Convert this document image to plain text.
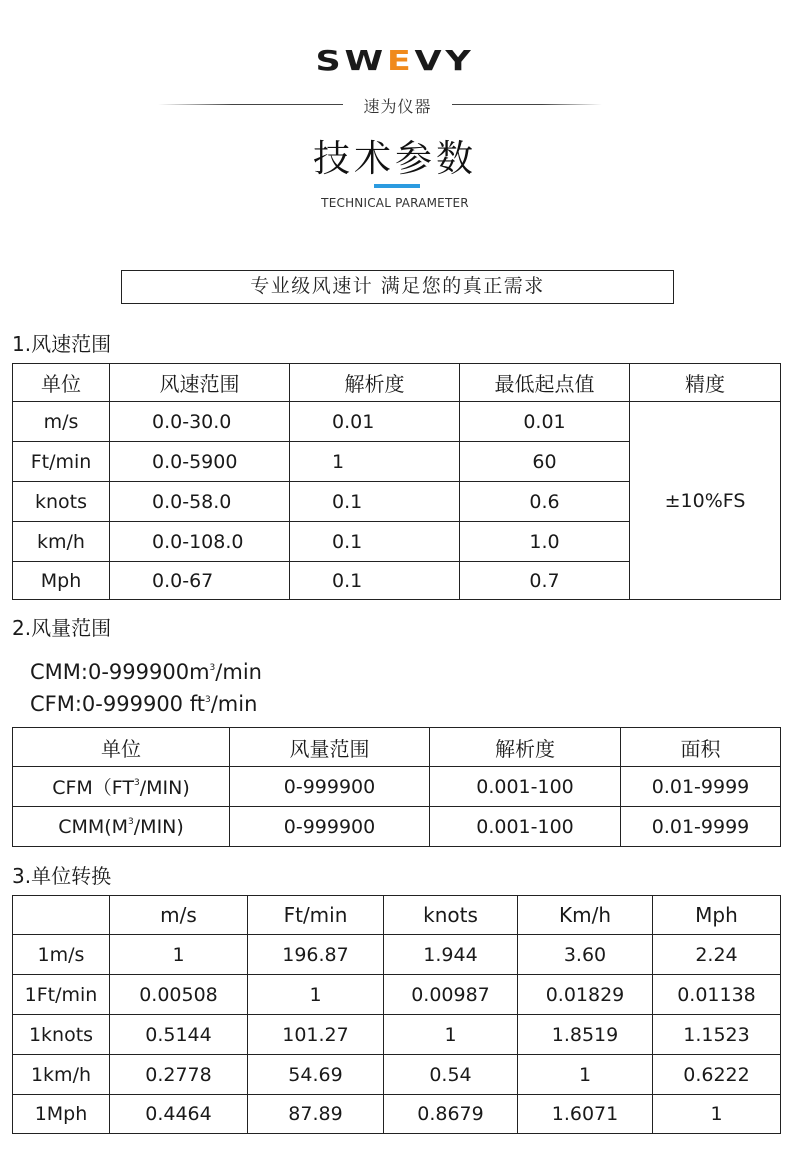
SWEVY
速为仪器
技术参数
TECHNICAL PARAMETER
专业级风速计 满足您的真正需求
1.风速范围
单位	风速范围	解析度	最低起点值	精度
m/s	0.0-30.0	0.01	0.01	±10%FS
Ft/min	0.0-5900	1	60	
knots	0.0-58.0	0.1	0.6	
km/h	0.0-108.0	0.1	1.0	
Mph	0.0-67	0.1	0.7	
2.风量范围
$CMM:0-999900m^3/\min$
CFM:0-999900 $ft^3/\min$
单位	风量范围	解析度	面积
$CFM(FT^3/MIN)$	0-999900	0.001-100	0.01-9999
$CMM(M^3/MIN)$	0-999900	0.001-100	0.01-9999
3.单位转换
	m/s	Ft/min	knots	Km/h	Mph
1m/s	1	196.87	1.944	3.60	2.24
1Ft/min	0.00508	1	0.00987	0.01829	0.01138
1knots	0.5144	101.27	1	1.8519	1.1523
1km/h	0.2778	54.69	0.54	1	0.6222
1Mph	0.4464	87.89	0.8679	1.6071	1
